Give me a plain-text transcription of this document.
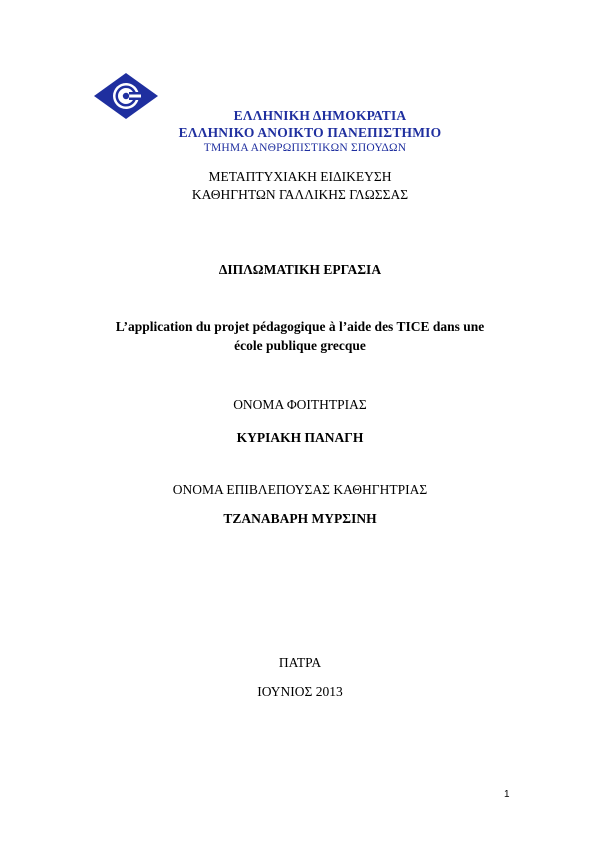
ΕΛΛΗΝΙΚΗ ΔΗΜΟΚΡΑΤΙΑ
ΕΛΛΗΝΙΚΟ ΑΝΟΙΚΤΟ ΠΑΝΕΠΙΣΤΗΜΙΟ
ΤΜΗΜΑ ΑΝΘΡΩΠΙΣΤΙΚΩΝ ΣΠΟΥΔΩΝ
ΜΕΤΑΠΤΥΧΙΑΚΗ ΕΙΔΙΚΕΥΣΗ
ΚΑΘΗΓΗΤΩΝ ΓΑΛΛΙΚΗΣ ΓΛΩΣΣΑΣ
ΔΙΠΛΩΜΑΤΙΚΗ ΕΡΓΑΣΙΑ
L’application du projet pédagogique à l’aide des TICE dans une
école publique grecque
ΟΝΟΜΑ ΦΟΙΤΗΤΡΙΑΣ
ΚΥΡΙΑΚΗ ΠΑΝΑΓΗ
ΟΝΟΜΑ ΕΠΙΒΛΕΠΟΥΣΑΣ ΚΑΘΗΓΗΤΡΙΑΣ
ΤΖΑΝΑΒΑΡΗ ΜΥΡΣΙΝΗ
ΠΑΤΡΑ
ΙΟΥΝΙΟΣ 2013
1
